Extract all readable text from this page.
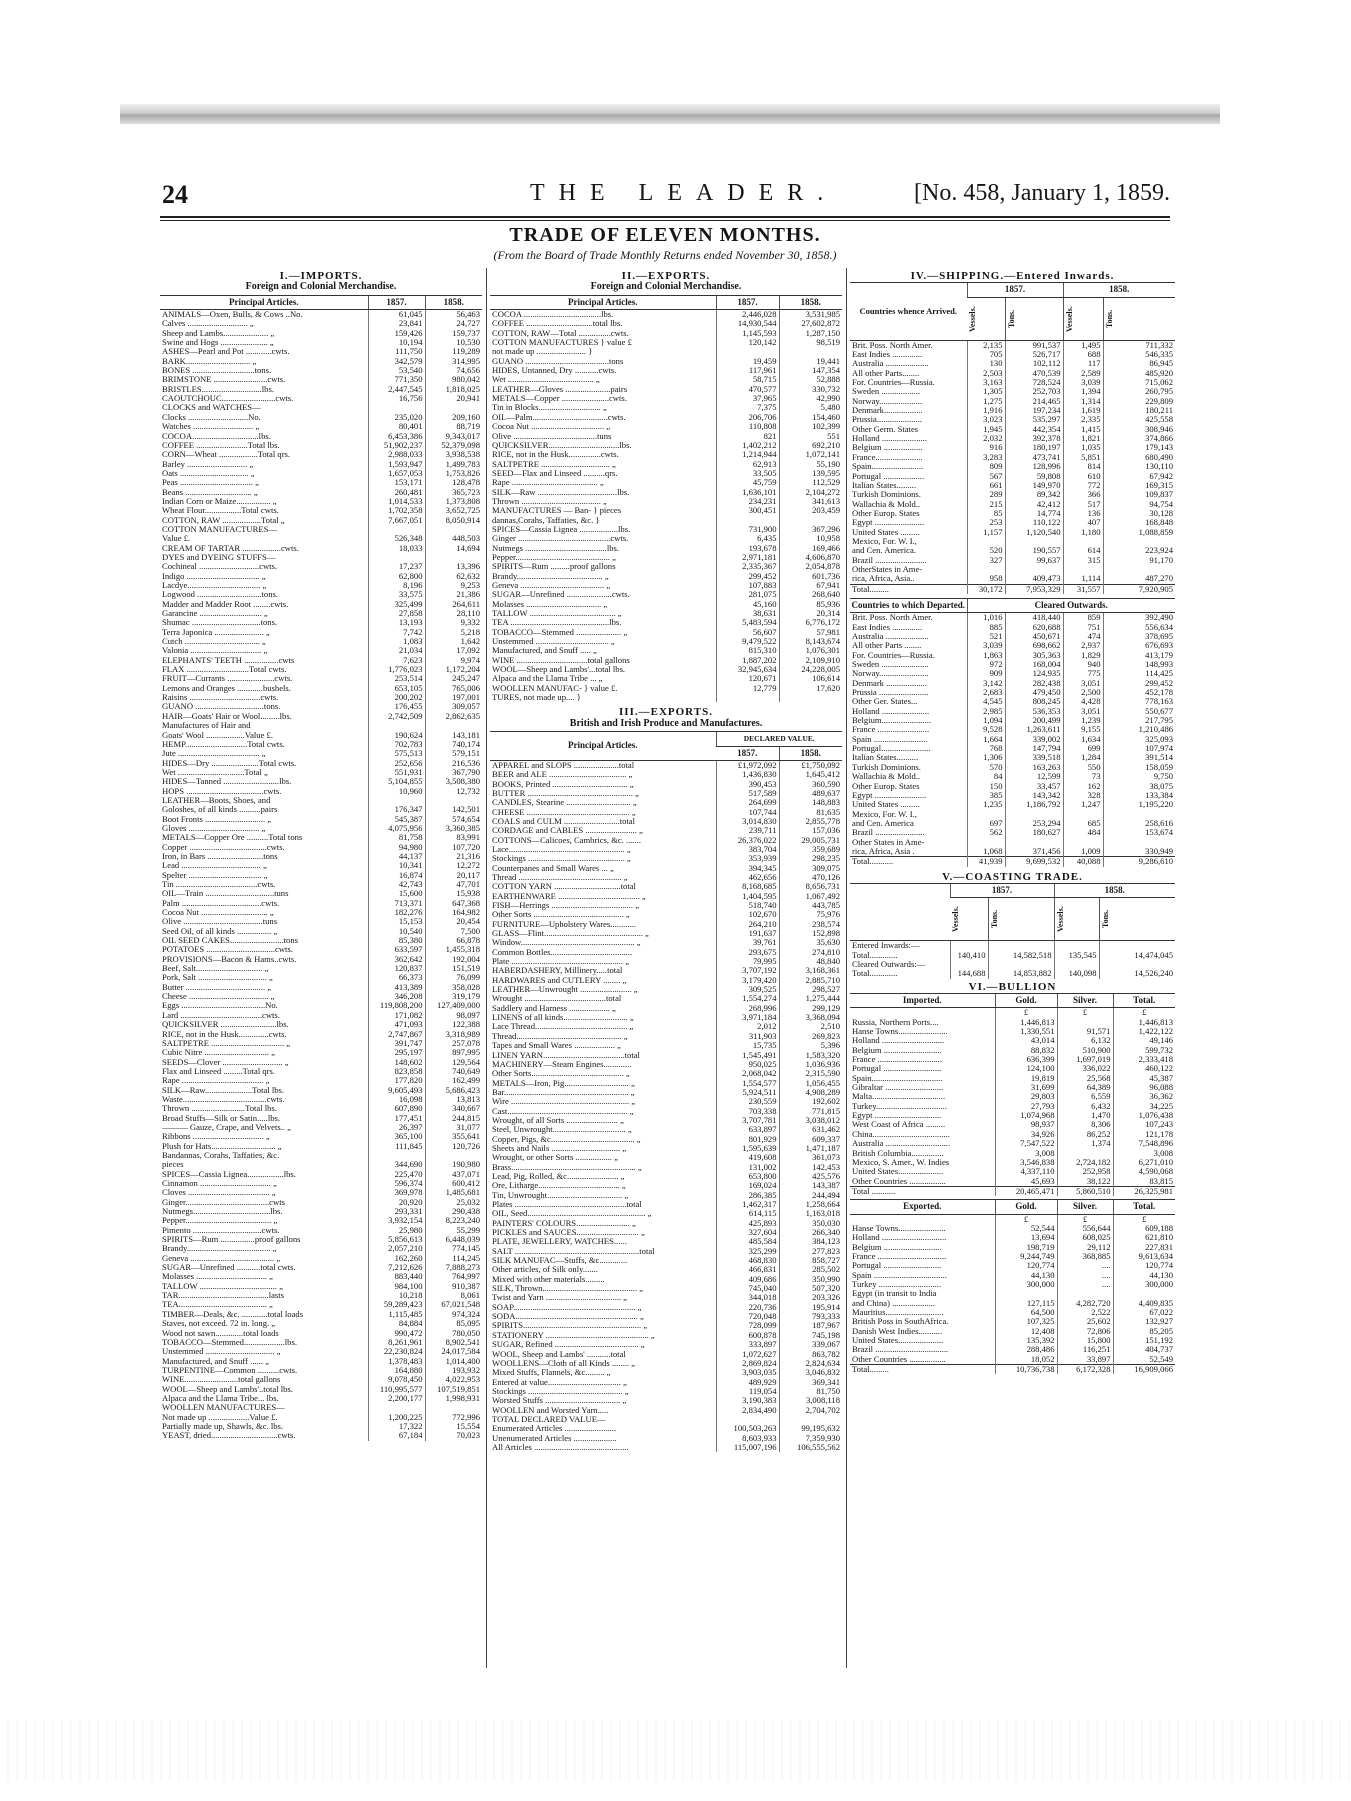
24	THE LEADER.	[No. 458, January 1, 1859.
TRADE OF ELEVEN MONTHS.
(From the Board of Trade Monthly Returns ended November 30, 1858.)
I.—IMPORTS.
Foreign and Colonial Merchandise.
Principal Articles.	1857.	1858.
ANIMALS—Oxen, Bulls, & Cows ..No.	61,045	56,463
Calves ............................ „	23,841	24,727
Sheep and Lambs..................... „	159,426	159,737
Swine and Hogs ...................... „	10,194	10,530
ASHES—Pearl and Pot ............cwts.	111,750	119,289
BARK.............................. „	342,579	314,995
BONES .............................tons.	53,540	74,656
BRIMSTONE .........................cwts.	771,350	980,042
BRISTLES............................lbs.	2,447,545	1,818,025
CAOUTCHOUC.........................cwts.	16,756	20,941
CLOCKS and WATCHES—		
Clocks ............................No.	235,020	209,160
Watches ............................ „	80,401	88,719
COCOA...............................lbs.	6,453,386	9,343,017
COFFEE ........................Total lbs.	51,902,237	52,379,098
CORN—Wheat ..................Total qrs.	2,988,033	3,938,538
Barley ............................ „	1,593,947	1,499,783
Oats ................................ „	1,657,053	1,753,826
Peas .................................. „	153,171	128,478
Beans ............................... „	260,481	365,723
Indian Corn or Maize................ „	1,014,533	1,373,808
Wheat Flour.................Total cwts.	1,702,358	3,652,725
COTTON, RAW ..................Total „	7,667,051	8,050,914
COTTON MANUFACTURES—		
Value £.	526,348	448,503
CREAM OF TARTAR ..................cwts.	18,033	14,694
DYES and DYEING STUFFS—		
Cochineal ............................cwts.	17,237	13,396
Indigo .................................. „	62,800	62,632
Lacdye.................................. „	8,196	9,253
Logwood ..............................tons.	33,575	21,386
Madder and Madder Root ........cwts.	325,499	264,611
Garancine ............................. „	27,858	28,110
Shumac ................................tons.	13,193	9,332
Terra Japonica ....................... „	7,742	5,218
Cutch ................................... „	1,083	1,642
Valonia ................................. „	21,034	17,092
ELEPHANTS' TEETH ................cwts	7,623	9,974
FLAX .............................Total cwts.	1,776,023	1,172,204
FRUIT—Currants ......................cwts.	253,514	245,247
Lemons and Oranges ............bushels.	653,105	765,006
Raisins .................................cwts.	200,202	197,001
GUANO ................................tons.	176,455	309,057
HAIR—Goats' Hair or Wool.........lbs.	2,742,509	2,862,635
Manufactures of Hair and		
Goats' Wool ..................Value £.	190,624	143,181
HEMP.............................Total cwts.	702,783	740,174
Jute ...................................... „	575,513	579,151
HIDES—Dry ......................Total cwts.	252,656	216,536
Wet ...............................Total „	551,931	367,790
HIDES—Tanned ..........................lbs.	5,104,855	3,508,380
HOPS ....................................cwts.	10,960	12,732
LEATHER—Boots, Shoes, and		
Goloshes, of all kinds ..........pairs	176,347	142,501
Boot Fronts ............................ „	545,387	574,654
Gloves ................................. „	4,075,956	3,360,385
METALS—Copper Ore ..........Total tons	81,758	83,991
Copper ....................................cwts.	94,980	107,720
Iron, in Bars ..........................tons	44,137	21,316
Lead ..................................... „	10,341	12,272
Spelter .................................. „	16,874	20,117
Tin ......................................cwts.	42,743	47,701
OIL—Train ................................tuns	15,600	15,938
Palm .....................................cwts.	713,371	647,368
Cocoa Nut ............................... „	182,276	164,982
Olive .....................................tuns	15,153	20,454
Seed Oil, of all kinds ................ „	10,540	7,500
OIL SEED CAKES.........................tons	85,380	66,878
POTATOES ................................cwts.	633,597	1,455,318
PROVISIONS—Bacon & Hams..cwts.	362,642	192,004
Beef, Salt............................... „	120,837	151,519
Pork, Salt ................................ „	66,373	76,099
Butter ..................................... „	413,389	358,028
Cheese ..................................... „	346,208	319,179
Eggs .......................................No.	119,808,200	127,409,000
Lard ......................................cwts.	171,082	98,097
QUICKSILVER ..........................lbs.	471,093	122,388
RICE, not in the Husk..............cwts.	2,747,867	3,318,989
SALTPETRE .................................. „	391,747	257,078
Cubic Nitre .............................. „	295,197	897,995
SEEDS—Clover ............................ „	148,602	129,564
Flax and Linseed .........Total qrs.	823,858	740,649
Rape ...................................... „	177,820	162,499
SILK—Raw......................Total lbs.	9,605,493	5,686,423
Waste.......................................cwts.	16,098	13,813
Thrown .........................Total lbs.	607,890	340,667
Broad Stuffs—Silk or Satin.....lbs.	177,451	244,815
——— Gauze, Crape, and Velvets.. „	26,397	31,077
Ribbons ................................. „	365,100	355,641
Plush for Hats.............................. „	111,845	120,726
Bandannas, Corahs, Taffaties, &c.		
pieces	344,690	190,980
SPICES—Cassia Lignea.................lbs.	225,470	437,071
Cinnamon ................................. „	596,374	600,412
Cloves ...................................... „	369,978	1,485,681
Ginger.......................................cwts	20,920	25,032
Nutmegs....................................lbs.	293,331	290,438
Pepper........................................ „	3,932,154	8,223,240
Pimento ................................cwts.	25,980	55,299
SPIRITS—Rum ................proof gallons	5,856,613	6,448,039
Brandy....................................... „	2,057,210	774,145
Geneva ....................................... „	162,260	114,245
SUGAR—Unrefined ...........total cwts.	7,212,626	7,888,273
Molasses ................................. „	883,440	764,997
TALLOW .................................... „	984,100	910,387
TAR..........................................lasts	10,218	8,061
TEA......................................... „	59,289,423	67,021,548
TIMBER—Deals, &c. ............total loads	1,115,485	974,324
Staves, not exceed. 72 in. long. „	84,884	85,095
Wood not sawn.............total loads	990,472	780,050
TOBACCO—Stemmed...................lbs.	8,261,961	8,902,541
Unstemmed ................................ „	22,230,824	24,017,584
Manufactured, and Snuff ...... „	1,378,483	1,014,400
TURPENTINE—Common ..........cwts.	164,880	193,932
WINE.........................total gallons	9,078,450	4,022,953
WOOL—Sheep and Lambs'..total lbs.	110,995,577	107,519,851
Alpaca and the Llama Tribe... lbs.	2,200,177	1,998,931
WOOLLEN MANUFACTURES—		
Not made up ...................Value £.	1,200,225	772,996
Partially made up, Shawls, &c. lbs.	17,322	15,554
YEAST, dried...............................cwts.	67,184	70,023
II.—EXPORTS.
Foreign and Colonial Merchandise.
Principal Articles.	1857.	1858.
COCOA ....................................lbs.	2,446,028	3,531,985
COFFEE ...............................total lbs.	14,930,544	27,602,872
COTTON, RAW—Total ...............cwts.	1,145,593	1,287,150
COTTON MANUFACTURES } value £	120,142	98,519
not made up ....................... }		
GUANO .......................................tons	19,459	19,441
HIDES, Untanned, Dry ...........cwts.	117,961	147,354
Wet ........................................ „	58,715	52,888
LEATHER—Gloves .....................pairs	470,577	330,732
METALS—Copper ......................cwts.	37,965	42,990
Tin in Blocks............................. „	7,375	5,480
OIL—Palm...................................cwts.	206,706	154,460
Cocoa Nut .................................. „	110,808	102,399
Olive .......................................tuns	821	551
QUICKSILVER.................................lbs.	1,402,212	692,210
RICE, not in the Husk...............cwts.	1,214,944	1,072,141
SALTPETRE ................................ „	62,913	55,190
SEED—Flax and Linseed ..........qrs.	33,505	139,595
Rape ........................................ „	45,759	112,529
SILK—Raw .....................................lbs.	1,636,101	2,104,272
Thrown ..................................... „	234,231	341,613
MANUFACTURES — Ban- } pieces	300,451	203,459
dannas,Corahs, Taffaties, &c. }		
SPICES—Cassia Lignea ..................lbs.	731,900	367,296
Ginger ...........................................cwts.	6,435	10,958
Nutmegs ......................................lbs.	193,678	169,466
Pepper............................................ „	2,971,181	4,606,870
SPIRITS—Rum .........proof gallons	2,335,367	2,054,878
Brandy........................................ „	299,452	601,736
Geneva ....................................... „	107,883	67,941
SUGAR—Unrefined .....................cwts.	281,075	268,640
Molasses ................................... „	45,160	85,936
TALLOW ........................................ „	38,631	20,314
TEA ..............................................lbs.	5,483,594	6,776,172
TOBACCO—Stemmed ..................... „	56,607	57,981
Unstemmed .................................. „	9,479,522	8,143,674
Manufactured, and Snuff ..... „	815,310	1,076,301
WINE .................................total gallons	1,887,202	2,109,910
WOOL—Sheep and Lambs'...total lbs.	32,945,634	24,228,005
Alpaca and the Llama Tribe ... „	120,671	106,614
WOOLLEN MANUFAC- } value £.	12,779	17,620
TURES, not made up.... }		
III.—EXPORTS.
British and Irish Produce and Manufactures.
Principal Articles.	DECLARED VALUE.	
	1857.	1858.
APPAREL and SLOPS .....................total	£1,972,092	£1,750,092
BEER and ALE .................................... „	1,436,830	1,645,412
BOOKS, Printed ................................... „	390,453	360,590
BUTTER ................................................. „	517,589	489,637
CANDLES, Stearine .............................. „	264,699	148,883
CHEESE ................................................ „	107,744	81,635
COALS and CULM ..........................total	3,014,830	2,855,778
CORDAGE and CABLES ........................ „	239,711	157,036
COTTONS—Calicoes, Cambrics, &c. .......	26,376,022	29,005,731
Lace...................................................... „	383,704	359,689
Stockings ............................................. „	353,939	298,235
Counterpanes and Small Wares ... „	394,345	309,075
Thread ................................................ „	462,656	470,126
COTTON YARN ...............................total	8,168,685	8,656,731
EARTHENWARE ...................................... „	1,404,595	1,067,492
FISH—Herrings ...................................... „	518,740	443,785
Other Sorts .......................................... „	102,670	75,976
FURNITURE—Upholstery Wares............	264,210	238,574
GLASS—Flint.............................................. „	191,637	152,898
Window..................................................... „	39,761	35,630
Common Bottles......................................	293,675	274,810
Plate .................................................... „	79,995	48,840
HABERDASHERY, Millinery.....total	3,707,192	3,168,361
HARDWARES and CUTLERY ........ „	3,179,420	2,885,710
LEATHER—Unwrought ........................ „	309,525	298,527
Wrought ......................................total	1,554,274	1,275,444
Saddlery and Harness ................... „	268,996	299,129
LINENS of all kinds.............................. „	3,971,184	3,368,094
Lace Thread........................................... „	2,012	2,510
Thread................................................. „	311,903	269,823
Tapes and Small Wares ................... „	15,735	5,396
LINEN YARN......................................total	1,545,491	1,583,320
MACHINERY—Steam Engines.............	950,025	1,036,936
Other Sorts........................................... „	2,068,042	2,315,590
METALS—Iron, Pig.............................. „	1,554,577	1,056,455
Bar.......................................................... „	5,924,511	4,908,289
Wire ....................................................... „	230,559	192,602
Cast........................................................ „	703,338	771,815
Wrought, of all Sorts ........................ „	3,707,781	3,038,012
Steel, Unwrought.................................. „	633,897	631,462
Copper, Pigs, &c....................................... „	801,929	609,337
Sheets and Nails ................................ „	1,595,639	1,471,187
Wrought, or other Sorts ................. „	419,608	361,073
Brass.......................................................... „	131,002	142,453
Lead, Pig, Rolled, &c........................ „	653,800	425,576
Ore, Litharge...................................... „	169,024	143,387
Tin, Unwrought................................... „	286,385	244,494
Plates ....................................................total	1,462,317	1,258,664
OIL, Seed....................................................... „	614,115	1,163,018
PAINTERS' COLOURS......................... „	425,893	350,030
PICKLES and SAUCES............................. „	327,604	266,340
PLATE, JEWELLERY, WATCHES......	485,584	384,123
SALT ..........................................................total	325,299	277,823
SILK MANUFAC—Stuffs, &c.............	468,830	858,727
Other articles, of Silk only.......	466,831	285,502
Mixed with other materials.........	409,686	350,990
SILK, Thrown............................................ „	745,040	507,320
Twist and Yarn ................................... „	344,018	203,326
SOAP......................................................... „	220,736	195,914
SODA......................................................... „	720,048	793,333
SPIRITS....................................................... „	728,099	187,967
STATIONERY ................................................ „	600,878	745,198
SUGAR, Refined ....................................... „	333,897	339,067
WOOL, Sheep and Lambs' ...........total	1,072,627	863,782
WOOLLENS—Cloth of all Kinds ........ „	2,869,824	2,824,634
Mixed Stuffs, Flannels, &c......... „	3,903,035	3,046,832
Entered at value.................................. „	489,929	369,341
Stockings ............................................ „	119,054	81,750
Worsted Stuffs ................................... „	3,190,383	3,008,118
WOOLLEN and Worsted Yarn.....	2,834,490	2,704,702
TOTAL DECLARED VALUE—		
Enumerated Articles ........................	100,503,263	99,195,632
Unenumerated Articles ....................	8,603,933	7,359,930
All Articles ............................................	115,007,196	106,555,562
IV.—SHIPPING.—Entered Inwards.
Countries whence Arrived.	1857.		1858.	

	Vessels.	Tons.	Vessels.	Tons.

Brit. Poss. North Amer.	2,135	991,537	1,495	711,332
East Indies ..............	705	526,717	688	546,335
Australia ....................	130	102,112	117	86,945
All other Parts........	2,503	470,539	2,589	485,920
For. Countries—Russia.	3,163	728,524	3,039	715,062
Sweden ..................	1,305	252,703	1,394	260,795
Norway....................	1,275	214,465	1,314	229,809
Denmark..................	1,916	197,234	1,619	180,211
Prussia.....................	3,023	535,297	2,335	425,558
Other Germ. States	1,945	442,354	1,415	308,946
Holland .....................	2,032	392,378	1,821	374,866
Belgium ..................	916	180,197	1,035	179,143
France......................	3,283	473,741	5,851	680,490
Spain........................	809	128,996	814	130,110
Portugal ...................	567	59,808	610	67,942
Italian States.........	661	149,970	772	169,315
Turkish Dominions.	289	89,342	366	109,837
Wallachia & Mold..	215	42,412	517	94,754
Other Europ. States	85	14,774	136	30,128
Egypt .......................	253	110,122	407	168,848
United States .........	1,157	1,120,540	1,180	1,088,859
Mexico, For. W. I.,				
and Cen. America.	520	190,557	614	223,924
Brazil ........................	327	99,637	315	91,170
OtherStates in Ame-				
rica, Africa, Asia..	958	409,473	1,114	487,270
Total.........	30,172	7,953,329	31,557	7,920,905
Countries to which Departed.	Cleared Outwards.			
Brit. Poss. North Amer.	1,016	418,440	859	392,490
East Indies ..............	885	620,688	751	556,634
Australia ....................	521	450,671	474	378,695
All other Parts ........	3,039	698,662	2,937	676,693
For. Countries—Russia.	1,863	305,363	1,829	413,179
Sweden ......................	972	168,004	940	148,993
Norway.......................	909	124,935	775	114,425
Denmark ...................	3,142	282,438	3,051	299,452
Prussia .......................	2,683	479,450	2,500	452,178
Other Ger. States...	4,545	808,245	4,428	778,163
Holland ......................	2,985	536,353	3,051	550,677
Belgium.......................	1,094	200,499	1,239	217,795
France ........................	9,528	1,263,611	9,155	1,210,486
Spain .........................	1,664	339,002	1,634	325,093
Portugal.......................	768	147,794	699	107,974
Italian States..........	1,306	339,518	1,284	391,514
Turkish Dominions.	570	163,263	550	158,059
Wallachia & Mold..	84	12,599	73	9,750
Other Europ. States	150	33,457	162	38,075
Egypt ........................	385	143,342	328	133,384
United States .........	1,235	1,186,792	1,247	1,195,220
Mexico, For. W. I.,				
and Cen. America	697	253,294	685	258,616
Brazil .......................	562	180,627	484	153,674
Other States in Ame-				
rica, Africa, Asia .	1,068	371,456	1,009	330,949
Total...........	41,939	9,699,532	40,088	9,286,610
V.—COASTING TRADE.
	1857.		1858.	

	Vessels.	Tons.	Vessels.	Tons.

Entered Inwards:—				
Total.............	140,410	14,582,518	135,545	14,474,045
Cleared Outwards:—				
Total.............	144,688	14,853,882	140,098	14,526,240
VI.—BULLION
Imported.	Gold.	Silver.	Total.
	£	£	£
Russia, Northern Ports....	1,446,813		1,446,813
Hanse Towns.......................	1,330,551	91,571	1,422,122
Holland .............................	43,014	6,132	49,146
Belgium ...........................	88,832	510,900	599,732
France ..............................	636,399	1,697,019	2,333,418
Portugal ...........................	124,100	336,022	460,122
Spain.................................	19,819	25,568	45,387
Gibraltar ...........................	31,699	64,389	96,088
Malta..................................	29,803	6,559	36,362
Turkey.................................	27,793	6,432	34,225
Egypt ...............................	1,074,968	1,470	1,076,438
West Coast of Africa .........	98,937	8,306	107,243
China....................................	34,926	86,252	121,178
Australia ..............................	7,547,522	1,374	7,548,896
British Columbia...............	3,008		3,008
Mexico, S. Amer., W. Indies	3,546,838	2,724,182	6,271,010
United States.....................	4,337,110	252,958	4,590,068
Other Countries .................	45,693	38,122	83,815
Total ...........	20,465,471	5,860,510	26,325,981
Exported.	Gold.	Silver.	Total.
	£	£	£
Hanse Towns......................	52,544	556,644	609,188
Holland ..............................	13,694	608,025	621,810
Belgium ...........................	198,719	29,112	227,831
France ................................	9,244,749	368,885	9,613,634
Portugal ...........................	120,774	....	120,774
Spain ..................................	44,130	....	44,130
Turkey .............................	300,000	....	300,000
Egypt (in transit to India			
and China) ....................	127,115	4,282,720	4,409,835
Mauritius...........................	64,500	2,522	67,022
British Poss in SouthAfrica.	107,325	25,602	132,927
Danish West Indies...........	12,408	72,806	85,205
United States.....................	135,392	15,800	151,192
Brazil ..................................	288,486	116,251	404,737
Other Countries .................	18,052	33,897	52,549
Total.........	10,736,738	6,172,328	16,909,066
